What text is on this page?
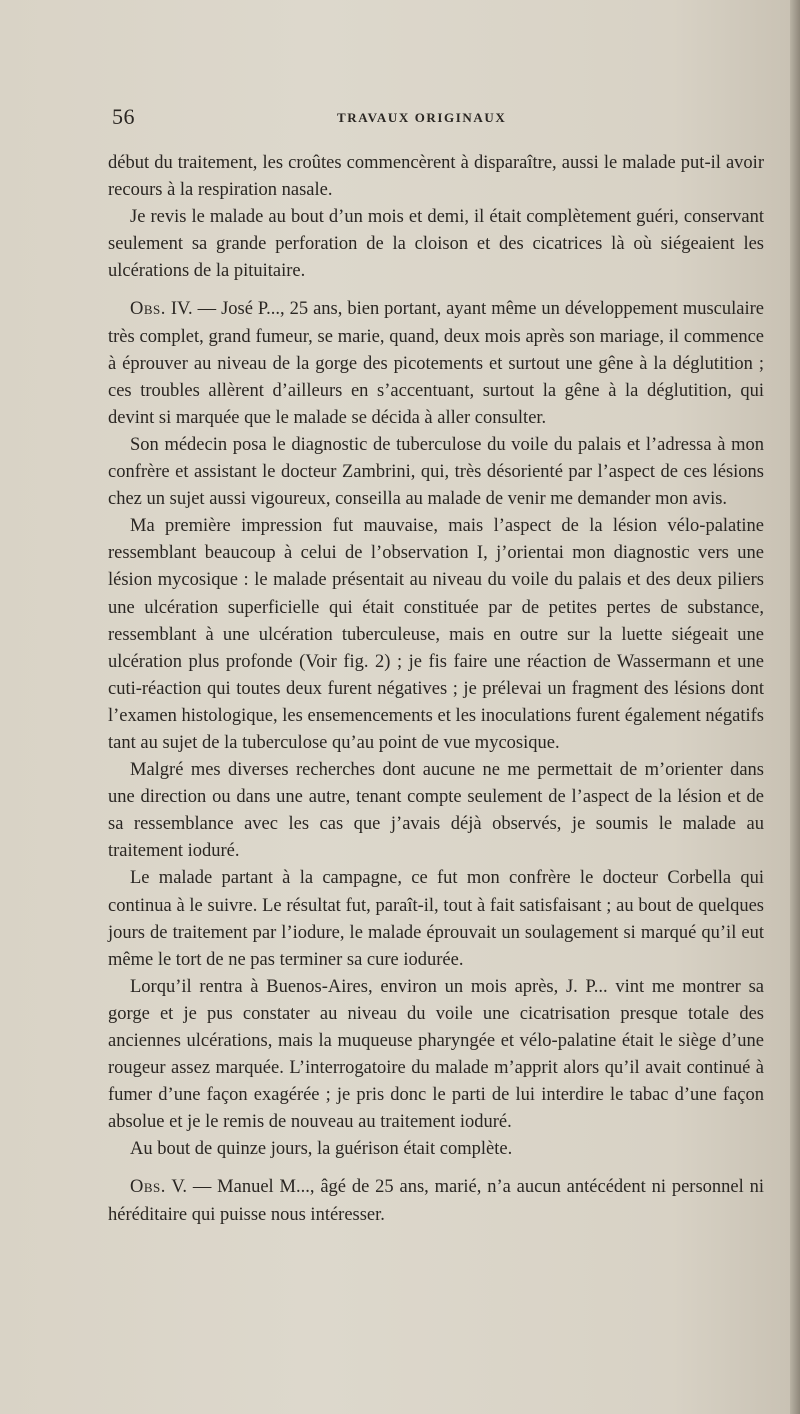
56	TRAVAUX ORIGINAUX

début du traitement, les croûtes commencèrent à disparaître, aussi le malade put-il avoir recours à la respiration nasale.

Je revis le malade au bout d’un mois et demi, il était complètement guéri, conservant seulement sa grande perforation de la cloison et des cicatrices là où siégeaient les ulcérations de la pituitaire.

Obs. IV. — José P..., 25 ans, bien portant, ayant même un développement musculaire très complet, grand fumeur, se marie, quand, deux mois après son mariage, il commence à éprouver au niveau de la gorge des picotements et surtout une gêne à la déglutition ; ces troubles allèrent d’ailleurs en s’accentuant, surtout la gêne à la déglutition, qui devint si marquée que le malade se décida à aller consulter.

Son médecin posa le diagnostic de tuberculose du voile du palais et l’adressa à mon confrère et assistant le docteur Zambrini, qui, très désorienté par l’aspect de ces lésions chez un sujet aussi vigoureux, conseilla au malade de venir me demander mon avis.

Ma première impression fut mauvaise, mais l’aspect de la lésion vélo-palatine ressemblant beaucoup à celui de l’observation I, j’orientai mon diagnostic vers une lésion mycosique : le malade présentait au niveau du voile du palais et des deux piliers une ulcération superficielle qui était constituée par de petites pertes de substance, ressemblant à une ulcération tuberculeuse, mais en outre sur la luette siégeait une ulcération plus profonde (Voir fig. 2) ; je fis faire une réaction de Wassermann et une cuti-réaction qui toutes deux furent négatives ; je prélevai un fragment des lésions dont l’examen histologique, les ensemencements et les inoculations furent également négatifs tant au sujet de la tuberculose qu’au point de vue mycosique.

Malgré mes diverses recherches dont aucune ne me permettait de m’orienter dans une direction ou dans une autre, tenant compte seulement de l’aspect de la lésion et de sa ressemblance avec les cas que j’avais déjà observés, je soumis le malade au traitement ioduré.

Le malade partant à la campagne, ce fut mon confrère le docteur Corbella qui continua à le suivre. Le résultat fut, paraît-il, tout à fait satisfaisant ; au bout de quelques jours de traitement par l’iodure, le malade éprouvait un soulagement si marqué qu’il eut même le tort de ne pas terminer sa cure iodurée.

Lorqu’il rentra à Buenos-Aires, environ un mois après, J. P... vint me montrer sa gorge et je pus constater au niveau du voile une cicatrisation presque totale des anciennes ulcérations, mais la muqueuse pharyngée et vélo-palatine était le siège d’une rougeur assez marquée. L’interrogatoire du malade m’apprit alors qu’il avait continué à fumer d’une façon exagérée ; je pris donc le parti de lui interdire le tabac d’une façon absolue et je le remis de nouveau au traitement ioduré.

Au bout de quinze jours, la guérison était complète.

Obs. V. — Manuel M..., âgé de 25 ans, marié, n’a aucun antécédent ni personnel ni héréditaire qui puisse nous intéresser.
